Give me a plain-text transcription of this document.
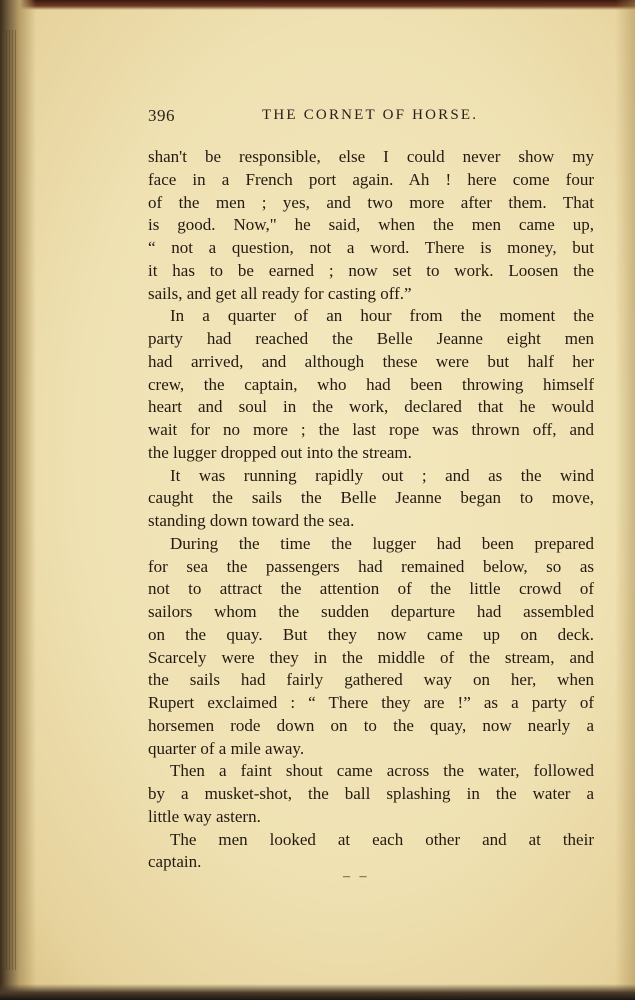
396	THE CORNET OF HORSE.
shan't be responsible, else I could never show my
face in a French port again. Ah ! here come four
of the men ; yes, and two more after them. That
is good. Now," he said, when the men came up,
“ not a question, not a word. There is money, but
it has to be earned ; now set to work. Loosen the
sails, and get all ready for casting off.”
In a quarter of an hour from the moment the
party had reached the Belle Jeanne eight men
had arrived, and although these were but half her
crew, the captain, who had been throwing himself
heart and soul in the work, declared that he would
wait for no more ; the last rope was thrown off, and
the lugger dropped out into the stream.
It was running rapidly out ; and as the wind
caught the sails the Belle Jeanne began to move,
standing down toward the sea.
During the time the lugger had been prepared
for sea the passengers had remained below, so as
not to attract the attention of the little crowd of
sailors whom the sudden departure had assembled
on the quay. But they now came up on deck.
Scarcely were they in the middle of the stream, and
the sails had fairly gathered way on her, when
Rupert exclaimed : “ There they are !” as a party of
horsemen rode down on to the quay, now nearly a
quarter of a mile away.
Then a faint shout came across the water, followed
by a musket-shot, the ball splashing in the water a
little way astern.
The men looked at each other and at their
captain.
– –
